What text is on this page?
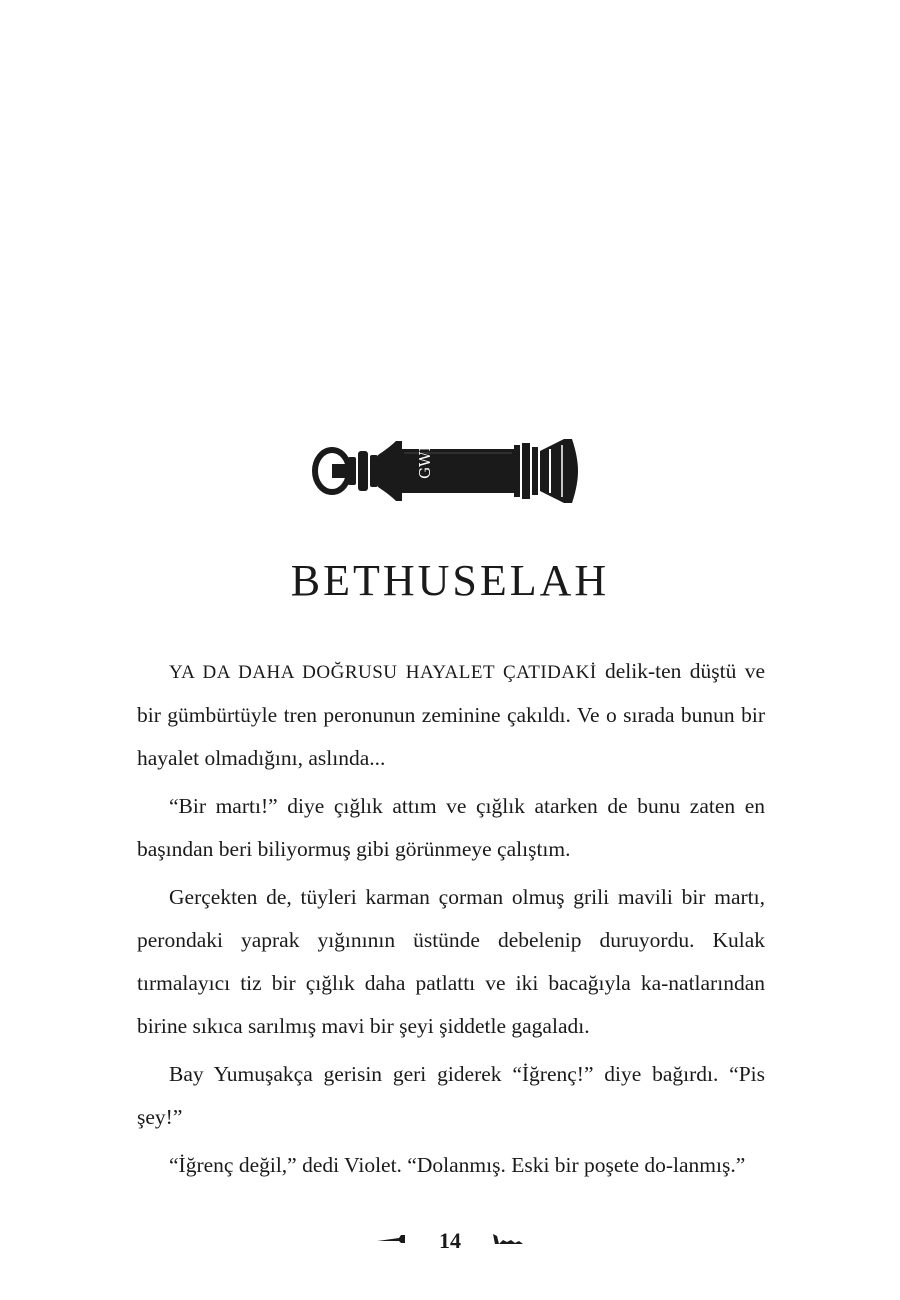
GWR
BETHUSELAH

YA DA DAHA DOĞRUSU HAYALET ÇATIDAKİ delik-ten düştü ve bir gümbürtüyle tren peronunun zeminine çakıldı. Ve o sırada bunun bir hayalet olmadığını, aslında...

“Bir martı!” diye çığlık attım ve çığlık atarken de bunu zaten en başından beri biliyormuş gibi görünmeye çalıştım.

Gerçekten de, tüyleri karman çorman olmuş grili mavili bir martı, perondaki yaprak yığınının üstünde debelenip duruyordu. Kulak tırmalayıcı tiz bir çığlık daha patlattı ve iki bacağıyla ka-natlarından birine sıkıca sarılmış mavi bir şeyi şiddetle gagaladı.

Bay Yumuşakça gerisin geri giderek “İğrenç!” diye bağırdı. “Pis şey!”

“İğrenç değil,” dedi Violet. “Dolanmış. Eski bir poşete do-lanmış.”

14
